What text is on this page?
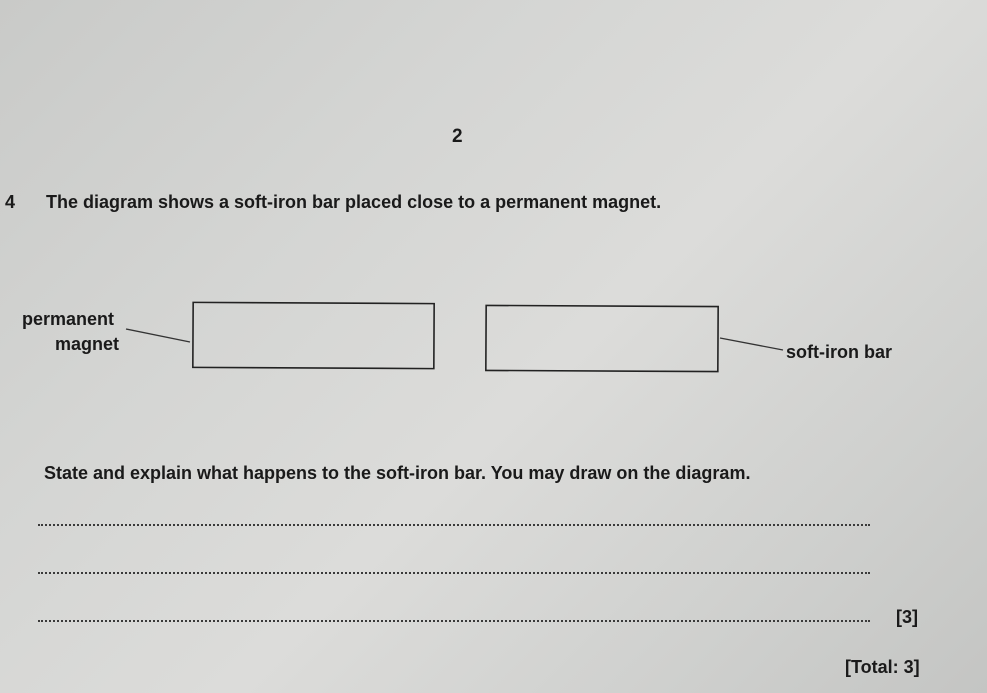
2
4 The diagram shows a soft-iron bar placed close to a permanent magnet.
permanent
magnet	soft-iron bar
State and explain what happens to the soft-iron bar. You may draw on the diagram.
[3]
[Total: 3]
